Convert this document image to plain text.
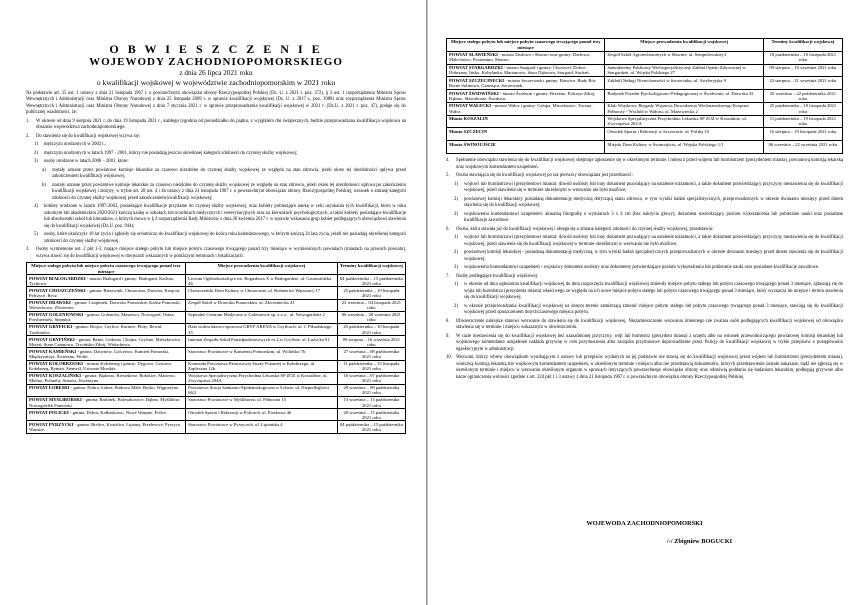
O B W I E S Z C Z E N I E
WOJEWODY ZACHODNIOPOMORSKIEGO
z dnia 26 lipca 2021 roku
o kwalifikacji wojskowej w województwie zachodniopomorskim w 2021 roku

Na podstawie art. 35 ust. 1 ustawy z dnia 21 listopada 1967 r. o powszechnym obowiązku obrony Rzeczypospolitej Polskiej (Dz. U. z 2021 r. poz. 372), § 3 ust. 1 rozporządzenia Ministra Spraw Wewnętrznych i Administracji oraz Ministra Obrony Narodowej z dnia 25 listopada 2009 r. w sprawie kwalifikacji wojskowej (Dz. U. z 2017 r., poz. 1980) oraz rozporządzenia Ministra Spraw Wewnętrznych i Administracji oraz Ministra Obrony Narodowej z dnia 7 stycznia 2021 r. w sprawie przeprowadzenia kwalifikacji wojskowej w 2021 r. (Dz.U. z 2021 r. poz. 47), podaje się do publicznej wiadomości, że:

1.	W okresie od dnia 9 sierpnia 2021 r. do dnia 19 listopada 2021 r., każdego tygodnia od poniedziałku do piątku, z wyjątkiem dni świątecznych, będzie przeprowadzana kwalifikacja wojskowa na obszarze województwa zachodniopomorskiego.
2.	Do stawienia się do kwalifikacji wojskowej wzywa się:
1)	mężczyzn urodzonych w 2002 r.;
2)	mężczyzn urodzonych w latach 1997 - 2001, którzy nie posiadają jeszcze określonej kategorii zdolności do czynnej służby wojskowej;
3)	osoby urodzone w latach 2000 – 2001, które:
a)	zostały uznane przez powiatowe komisje lekarskie za czasowo niezdolne do czynnej służby wojskowej ze względu na stan zdrowia, jeżeli okres tej niezdolności upływa przed zakończeniem kwalifikacji wojskowej,
b)	zostały uznane przez powiatowe komisje lekarskie za czasowo niezdolne do czynnej służby wojskowej ze względu na stan zdrowia, jeżeli okres tej niezdolności upływa po zakończeniu kwalifikacji wojskowej i złożyły, w trybie art. 28 ust. 4 i 4b ustawy z dnia 21 listopada 1967 r. o powszechnym obowiązku obrony Rzeczypospolitej Polskiej, wniosek o zmianę kategorii zdolności do czynnej służby wojskowej przed zakończeniem kwalifikacji wojskowej;
4)	kobiety urodzone w latach 1997-2002, posiadające kwalifikacje przydatne do czynnej służby wojskowej, oraz kobiety pobierające naukę w celu uzyskania tych kwalifikacji, które w roku szkolnym lub akademickim 2020/2021 kończą naukę w szkołach lub uczelniach medycznych i weterynaryjnych oraz na kierunkach psychologicznych, a także kobiety posiadające kwalifikacje lub absolwentki szkół lub kierunków, o których mowa w § 2 rozporządzenia Rady Ministrów z dnia 28 kwietnia 2017 r. w sprawie wskazania grup kobiet podlegających obowiązkowi stawienia się do kwalifikacji wojskowej (Dz.U. poz. 944);
5)	osoby, które ukończyły 18 lat życia i zgłosiły się ochotniczo do kwalifikacji wojskowej do końca roku kalendarzowego, w którym kończą 24 lata życia, jeżeli nie posiadają określonej kategorii zdolności do czynnej służby wojskowej.
3.	Osoby wymienione ust. 2 pkt 1-3, mające miejsce stałego pobytu lub miejsce pobytu czasowego trwającego ponad trzy miesiące w wymienionych powiatach (miastach na prawach powiatu), wzywa stawić się do kwalifikacji wojskowej w miejscach wskazanych w poniższym terminach i lokalizacjach:
Miejsce stałego pobytu lub miejsce pobytu czasowego trwającego ponad trzy miesiące	Miejsce prowadzenia kwalifikacji wojskowej	Terminy kwalifikacji wojskowej
POWIAT BIAŁOGARDZKI - miasto Białogard i gminy: Białogard, Karlino, Tychowo.	Liceum Ogólnokształcące im. Bogusława X w Białogardzie, ul. Grunwaldzka 46	04 października – 15 października 2021 roku
POWIAT CHOSZCZEŃSKI - gmina: Bierzwnik, Choszczno, Drawno, Krzęcin, Pełczyce, Recz.	Choszczeński Dom Kultury w Choszcznie, ul. Bohaterów Warszawy 17	25 października – 19 listopada 2021 roku
POWIAT DRAWSKI - gmina: Czaplinek, Drawsko Pomorskie, Kalisz Pomorski, Wierzchowo, Złocieniec.	Zespół Szkół w Drawsku Pomorskim, ul. Złocieniecka 25	23 września – 04 listopada 2021 roku
POWIAT GOLENIOWSKI - gmina: Goleniów, Maszewo, Nowogard, Osina, Przybiernów, Stepnica.	Szpitalne Centrum Medyczne w Goleniowie sp. z o.o., ul. Nowogardzka 2	06 września – 28 września 2021 roku
POWIAT GRYFICKI - gmina: Brojce, Gryfice, Karnice, Płoty, Rewal, Trzebiatów.	Hala widowiskowo-sportowa GRYF ARENA w Gryficach, ul. J. Piłsudskiego 35	20 października – 10 listopada 2021 roku
POWIAT GRYFIŃSKI - gmina: Banie, Cedynia, Chojna, Gryfino, Mieszkowice, Moryń, Stare Czarnowo, Trzcińsko-Zdrój, Widuchowa.	Internat Zespołu Szkół Ponadpodstawowych nr 2 w Gryfinie, ul. Łużycka 91	09 sierpnia – 16 września 2021 roku
POWIAT KAMIEŃSKI - gmina: Dziwnów, Golczewo, Kamień Pomorski, Międzyzdroje, Świerzno, Wolin.	Starostwo Powiatowe w Kamieniu Pomorskim, ul. Wolińska 7b	27 września – 08 października 2021 roku
POWIAT KOŁOBRZESKI - miasto Kołobrzeg i gminy: Dygowo, Gościno, Kołobrzeg, Rymań, Siemyśl, Ustronie Morskie.	Komenda Powiatowa Państwowej Straży Pożarnej w Kołobrzegu, ul. Zapleczna 12b	11 października – 15 listopada 2021 roku
POWIAT KOSZALIŃSKI - gmina: Będzino, Biesiekierz, Bobolice, Manowo, Mielno, Polanów, Sianów, Świeszyno.	Wojskowa Specjalistyczna Przychodnia Lekarska SP ZOZ w Koszalinie, ul. Zwycięstwa 204A	16 września – 07 października 2021 roku
POWIAT ŁOBESKI - gmina: Dobra, Łobez, Radowo Małe, Resko, Węgorzyno.	Powiatowa Stacja Sanitarno-Epidemiologiczna w Łobzie, ul. Niepodległości 66/2	20 września – 08 października 2021 roku
POWIAT MYŚLIBORSKI - gmina: Barlinek, Boleszkowice, Dębno, Myślibórz, Nowogródek Pomorski.	Starostwo Powiatowe w Myśliborzu, ul. Północna 15	13 września – 13 października 2021 roku
POWIAT POLICKI - gmina: Dobra, Kołbaskowo, Nowe Warpno, Police.	Ośrodek Sportu i Rekreacji w Policach, ul. Piaskowa 4b	20 września – 15 października 2021 roku
POWIAT PYRZYCKI - gmina: Bielice, Kozielice, Lipiany, Przelewice, Pyrzyce, Warnice.	Starostwo Powiatowe w Pyrzycach, ul. Lipiańska 4	04 października – 15 października 2021 roku
Miejsce stałego pobytu lub miejsce pobytu czasowego trwającego ponad trzy miesiące	Miejsce prowadzenia kwalifikacji wojskowej	Terminy kwalifikacji wojskowej
POWIAT SŁAWIEŃSKI - miasto Darłowo i Sławno oraz gminy: Darłowo, Malechowo, Postomino, Sławno.	Zespół Szkół Agrotechnicznych w Sławnie, ul. Sempołowskiej 2	18 października – 10 listopada 2021 roku
POWIAT STARGARDZKI - miasto Stargard i gminy: Chociwel, Dolice, Dobrzany, Ińsko, Kobylanka, Marianowo, Stara Dąbrowa, Stargard, Suchań.	Samodzielny Publiczny Wielospecjalistyczny Zakład Opieki Zdrowotnej w Stargardzie, ul. Wojska Polskiego 27	09 sierpnia – 10 września 2021 roku
POWIAT SZCZECINECKI - miasto Szczecinek i gminy: Barwice, Biały Bór, Borne Sulinowo, Grzmiąca, Szczecinek.	Zakład Obsługi Nieruchomości w Szczecinku, ul. Artyleryjska 9	23 sierpnia – 21 września 2021 roku
POWIAT ŚWIDWIŃSKI - miasto Świdwin i gminy: Brzeżno, Połczyn-Zdrój, Rąbino, Sławoborze, Świdwin.	Budynek Poradni Psychologiczno-Pedagogicznej w Świdwinie, ul. Drawska 32	20 września – 22 października 2021 roku
POWIAT WAŁECKI - miasto Wałcz i gminy: Człopa, Mirosławiec, Tuczno, Wałcz.	Klub Wojskowy Brygady Wsparcia Dowodzenia Wielonarodowego Korpusu Północny - Wschód w Wałczu, ul. Mazowiecka 2	25 października – 19 listopada 2021 roku
Miasto KOSZALIN	Wojskowa Specjalistyczna Przychodnia Lekarska SP ZOZ w Koszalinie, ul. Zwycięstwa 204 A	11 października – 19 listopada 2021 roku
Miasto SZCZECIN	Ośrodek Sportu i Rekreacji w Szczecinie, ul. Firlika 19	16 sierpnia – 19 listopada 2021 roku
Miasto ŚWINOUJŚCIE	Miejski Dom Kultury w Świnoujściu, ul. Wojska Polskiego 1/1	06 września – 22 września 2021 roku
4.	Spełnienie obowiązku stawienia się do kwalifikacji wojskowej obejmuje zgłoszenie się w określonym terminie i miejscu przed wójtem lub burmistrzem (prezydentem miasta), powiatową komisją lekarską oraz wojskowym komendantem uzupełnień.
5.	Osoba stawiająca się do kwalifikacji wojskowej po raz pierwszy obowiązana jest przedstawić:
1)	wójtowi lub burmistrzowi (prezydentowi miasta): dowód osobisty lub inny dokument pozwalający na ustalenie tożsamości, a także dokument potwierdzający przyczyny niestawienia się do kwalifikacji wojskowej, jeżeli stawienie się w terminie określonym w wezwaniu nie było możliwe;
2)	powiatowej komisji lekarskiej: posiadaną dokumentację medyczną dotyczącą stanu zdrowia, w tym wyniki badań specjalistycznych, przeprowadzonych w okresie dwunastu miesięcy przed dniem stawienia się do kwalifikacji wojskowej;
3)	wojskowemu komendantowi uzupełnień: aktualną fotografię o wymiarach 3 x 4 cm (bez nakrycia głowy), dokument stwierdzający poziom wykształcenia lub pobieranie nauki oraz posiadane kwalifikacje zawodowe.
6.	Osoba, która stawała już do kwalifikacji wojskowej i ubiega się o zmianę kategorii zdolności do czynnej służby wojskowej, przedstawia:
1)	wójtowi lub burmistrzowi (prezydentowi miasta): dowód osobisty lub inny dokument pozwalający na ustalenie tożsamości, a także dokument potwierdzający przyczyny niestawienia się do kwalifikacji wojskowej, jeżeli stawienie się do kwalifikacji wojskowej w terminie określonym w wezwaniu nie było możliwe;
2)	powiatowej komisji lekarskiej - posiadaną dokumentację medyczną, w tym wyniki badań specjalistycznych przeprowadzonych w okresie dwunastu miesięcy przed dniem stawienia się do kwalifikacji wojskowej;
3)	wojskowemu komendantowi uzupełnień - wojskowy dokument osobisty oraz dokumenty potwierdzające poziom wykształcenia lub pobieranie nauki oraz posiadane kwalifikacje zawodowe.
7.	Osoby podlegające kwalifikacji wojskowej:
1)	w okresie od dnia ogłoszenia kwalifikacji wojskowej do dnia rozpoczęcia kwalifikacji wojskowej zmieniły miejsce pobytu stałego lub pobytu czasowego trwającego ponad 3 miesiące, zgłaszają się do wójta lub burmistrza (prezydenta miasta) właściwego ze względu na ich nowe miejsce pobytu stałego lub pobytu czasowego trwającego ponad 3 miesiące, który wyznacza im miejsce i termin stawienia się do kwalifikacji wojskowej;
2)	w okresie przeprowadzania kwalifikacji wojskowej na danym terenie zamierzają zmienić miejsce pobytu stałego lub pobytu czasowego trwającego ponad 3 miesiące, stawiają się do kwalifikacji wojskowej przed opuszczeniem dotychczasowego miejsca pobytu.
8.	Obwieszczenie niniejsze stanowi wezwanie do stawienia się do kwalifikacji wojskowej. Niezamieszczenie wezwania imiennego nie zwalnia osób podlegających kwalifikacji wojskowej od obowiązku stawienia się w terminie i miejscu wskazanym w obwieszczeniu.
9.	W razie niestawienia się do kwalifikacji wojskowej bez uzasadnionej przyczyny, wójt lub burmistrz (prezydent miasta) z urzędu albo na wniosek przewodniczącego powiatowej komisji lekarskiej lub wojskowego komendanta uzupełnień nakłada grzywnę w celu przymuszenia albo zarządza przymusowe doprowadzenie przez Policję do kwalifikacji wojskowej w trybie przepisów o postępowaniu egzekucyjnym w administracji.
10. Wezwani, którzy wbrew obowiązkom wynikającym z ustawy lub przepisów wydanych na jej podstawie nie stawią się do kwalifikacji wojskowej przed wójtem lub burmistrzem (prezydentem miasta), właściwą komisją lekarską lub wojskowym komendantem uzupełnień, w określonym terminie i miejscu albo nie przedstawią dokumentów, których przedstawienie zostało nakazane, bądź nie zgłoszą się w określonym terminie i miejscu w wezwaniu określonym organom w sprawach dotyczących powszechnego obowiązku obrony oraz odmówią poddania się badaniom lekarskim, podlegają grzywnie albo karze ograniczenia wolności zgodnie z art. 224 pkt 1 i 3 ustawy z dnia 21 listopada 1967 r. o powszechnym obowiązku obrony Rzeczypospolitej Polskiej.
WOJEWODA ZACHODNIOPOMORSKI
/-/ Zbigniew BOGUCKI
